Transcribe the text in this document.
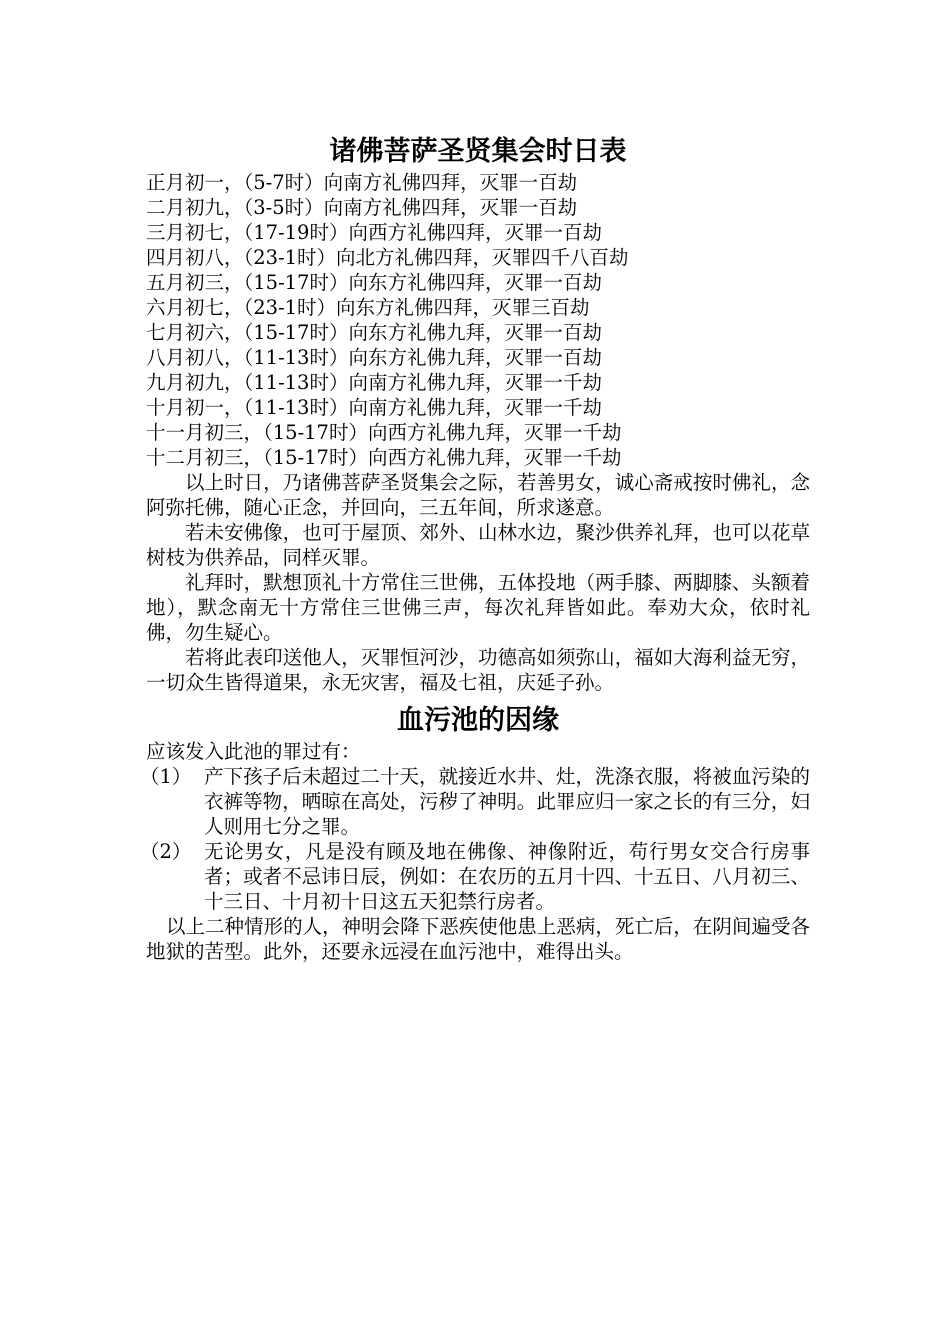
诸佛菩萨圣贤集会时日表
正月初一，（5-7时）向南方礼佛四拜，灭罪一百劫
二月初九，（3-5时）向南方礼佛四拜，灭罪一百劫
三月初七，（17-19时）向西方礼佛四拜，灭罪一百劫
四月初八，（23-1时）向北方礼佛四拜，灭罪四千八百劫
五月初三，（15-17时）向东方礼佛四拜，灭罪一百劫
六月初七，（23-1时）向东方礼佛四拜，灭罪三百劫
七月初六，（15-17时）向东方礼佛九拜，灭罪一百劫
八月初八，（11-13时）向东方礼佛九拜，灭罪一百劫
九月初九，（11-13时）向南方礼佛九拜，灭罪一千劫
十月初一，（11-13时）向南方礼佛九拜，灭罪一千劫
十一月初三，（15-17时）向西方礼佛九拜，灭罪一千劫
十二月初三，（15-17时）向西方礼佛九拜，灭罪一千劫

以上时日，乃诸佛菩萨圣贤集会之际，若善男女，诚心斋戒按时佛礼，念阿弥托佛，随心正念，并回向，三五年间，所求遂意。

若未安佛像，也可于屋顶、郊外、山林水边，聚沙供养礼拜，也可以花草树枝为供养品，同样灭罪。

礼拜时，默想顶礼十方常住三世佛，五体投地（两手膝、两脚膝、头额着地），默念南无十方常住三世佛三声，每次礼拜皆如此。奉劝大众，依时礼佛，勿生疑心。

若将此表印送他人，灭罪恒河沙，功德高如须弥山，福如大海利益无穷，一切众生皆得道果，永无灾害，福及七祖，庆延子孙。

血污池的因缘

应该发入此池的罪过有：

（1） 产下孩子后未超过二十天，就接近水井、灶，洗涤衣服，将被血污染的衣裤等物，晒晾在高处，污秽了神明。此罪应归一家之长的有三分，妇人则用七分之罪。
（2） 无论男女，凡是没有顾及地在佛像、神像附近，苟行男女交合行房事者；或者不忌讳日辰，例如：在农历的五月十四、十五日、八月初三、十三日、十月初十日这五天犯禁行房者。

以上二种情形的人，神明会降下恶疾使他患上恶病，死亡后，在阴间遍受各地狱的苦型。此外，还要永远浸在血污池中，难得出头。
